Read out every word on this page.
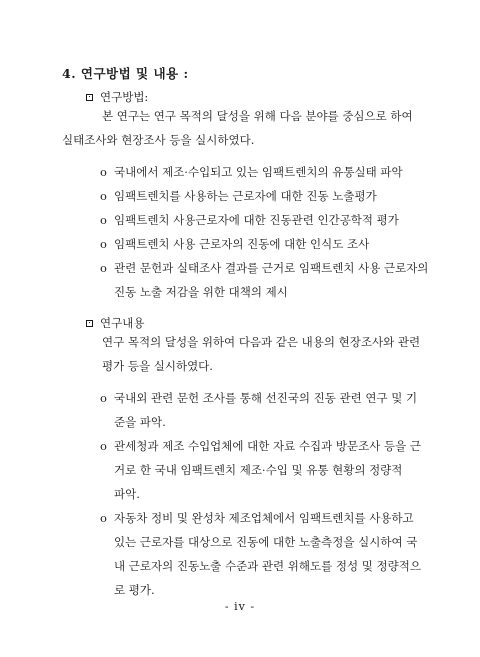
4. 연구방법 및 내용 :
연구방법:
본 연구는 연구 목적의 달성을 위해 다음 분야를 중심으로 하여
실태조사와 현장조사 등을 실시하였다.
o 국내에서 제조·수입되고 있는 임팩트렌치의 유통실태 파악
o 임팩트렌치를 사용하는 근로자에 대한 진동 노출평가
o 임팩트렌치 사용근로자에 대한 진동관련 인간공학적 평가
o 임팩트렌치 사용 근로자의 진동에 대한 인식도 조사
o 관련 문헌과 실태조사 결과를 근거로 임팩트렌치 사용 근로자의
진동 노출 저감을 위한 대책의 제시
연구내용
연구 목적의 달성을 위하여 다음과 같은 내용의 현장조사와 관련
평가 등을 실시하였다.
o 국내외 관련 문헌 조사를 통해 선진국의 진동 관련 연구 및 기
준을 파악.
o 관세청과 제조 수입업체에 대한 자료 수집과 방문조사 등을 근
거로 한 국내 임팩트렌치 제조·수입 및 유통 현황의 정량적
파악.
o 자동차 정비 및 완성차 제조업체에서 임팩트렌치를 사용하고
있는 근로자를 대상으로 진동에 대한 노출측정을 실시하여 국
내 근로자의 진동노출 수준과 관련 위해도를 정성 및 정량적으
로 평가.
- iv -
